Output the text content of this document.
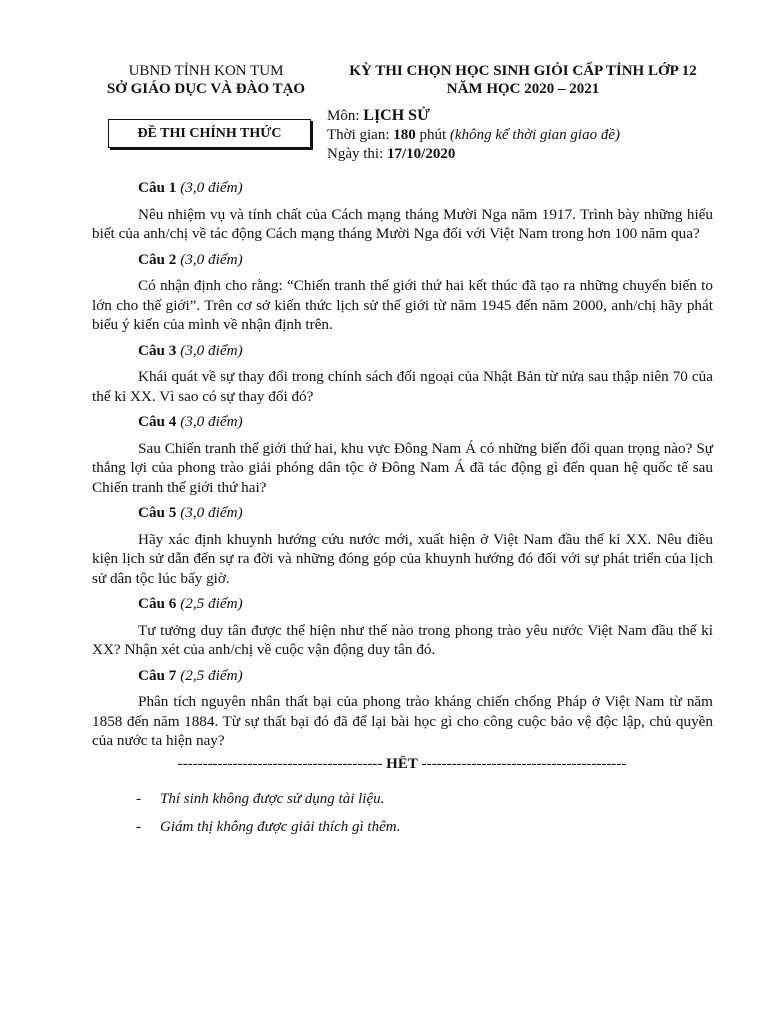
UBND TỈNH KON TUM
SỞ GIÁO DỤC VÀ ĐÀO TẠO
KỲ THI CHỌN HỌC SINH GIỎI CẤP TỈNH LỚP 12
NĂM HỌC 2020 – 2021
ĐỀ THI CHÍNH THỨC
Môn: LỊCH SỬ
Thời gian: 180 phút (không kể thời gian giao đề)
Ngày thi: 17/10/2020
Câu 1 (3,0 điểm)

Nêu nhiệm vụ và tính chất của Cách mạng tháng Mười Nga năm 1917. Trình bày những hiểu biết của anh/chị về tác động Cách mạng tháng Mười Nga đối với Việt Nam trong hơn 100 năm qua?

Câu 2 (3,0 điểm)

Có nhận định cho rằng: “Chiến tranh thế giới thứ hai kết thúc đã tạo ra những chuyển biến to lớn cho thế giới”. Trên cơ sở kiến thức lịch sử thế giới từ năm 1945 đến năm 2000, anh/chị hãy phát biểu ý kiến của mình về nhận định trên.

Câu 3 (3,0 điểm)

Khái quát về sự thay đổi trong chính sách đối ngoại của Nhật Bản từ nửa sau thập niên 70 của thế kỉ XX. Vì sao có sự thay đổi đó?

Câu 4 (3,0 điểm)

Sau Chiến tranh thế giới thứ hai, khu vực Đông Nam Á có những biến đổi quan trọng nào? Sự thắng lợi của phong trào giải phóng dân tộc ở Đông Nam Á đã tác động gì đến quan hệ quốc tế sau Chiến tranh thế giới thứ hai?

Câu 5 (3,0 điểm)

Hãy xác định khuynh hướng cứu nước mới, xuất hiện ở Việt Nam đầu thế kỉ XX. Nêu điều kiện lịch sử dẫn đến sự ra đời và những đóng góp của khuynh hướng đó đối với sự phát triển của lịch sử dân tộc lúc bấy giờ.

Câu 6 (2,5 điểm)

Tư tưởng duy tân được thể hiện như thế nào trong phong trào yêu nước Việt Nam đầu thế kỉ XX? Nhận xét của anh/chị về cuộc vận động duy tân đó.

Câu 7 (2,5 điểm)

Phân tích nguyên nhân thất bại của phong trào kháng chiến chống Pháp ở Việt Nam từ năm 1858 đến năm 1884. Từ sự thất bại đó đã để lại bài học gì cho công cuộc bảo vệ độc lập, chủ quyền của nước ta hiện nay?

----------------------------------------- HẾT -----------------------------------------
-	Thí sinh không được sử dụng tài liệu.
-	Giám thị không được giải thích gì thêm.
